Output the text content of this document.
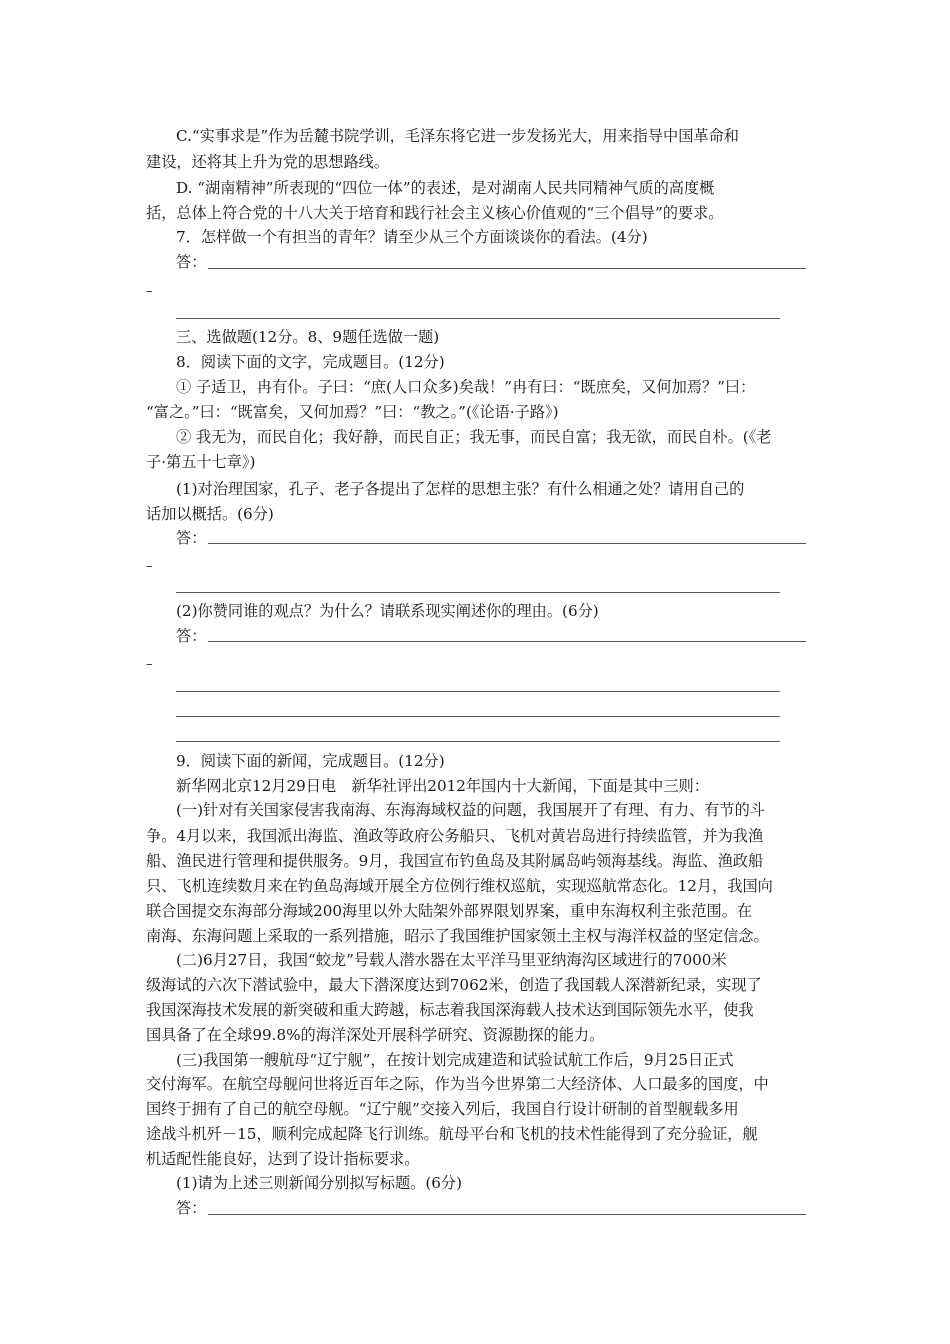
C.“实事求是”作为岳麓书院学训，毛泽东将它进一步发扬光大，用来指导中国革命和
建设，还将其上升为党的思想路线。
D. “湖南精神”所表现的“四位一体”的表述，是对湖南人民共同精神气质的高度概
括，总体上符合党的十八大关于培育和践行社会主义核心价值观的“三个倡导”的要求。
7．怎样做一个有担当的青年？请至少从三个方面谈谈你的看法。(4分)
答：
–
三、选做题(12分。8、9题任选做一题)
8．阅读下面的文字，完成题目。(12分)
① 子适卫，冉有仆。子曰：“庶(人口众多)矣哉！”冉有曰：“既庶矣，又何加焉？”曰：
“富之。”曰：“既富矣，又何加焉？”曰：“教之。”(《论语·子路》)
② 我无为，而民自化；我好静，而民自正；我无事，而民自富；我无欲，而民自朴。(《老
子·第五十七章》)
(1)对治理国家，孔子、老子各提出了怎样的思想主张？有什么相通之处？请用自己的
话加以概括。(6分)
答：
–
(2)你赞同谁的观点？为什么？请联系现实阐述你的理由。(6分)
答：
–
9．阅读下面的新闻，完成题目。(12分)
新华网北京12月29日电　新华社评出2012年国内十大新闻，下面是其中三则：
(一)针对有关国家侵害我南海、东海海域权益的问题，我国展开了有理、有力、有节的斗
争。4月以来，我国派出海监、渔政等政府公务船只、飞机对黄岩岛进行持续监管，并为我渔
船、渔民进行管理和提供服务。9月，我国宣布钓鱼岛及其附属岛屿领海基线。海监、渔政船
只、飞机连续数月来在钓鱼岛海域开展全方位例行维权巡航，实现巡航常态化。12月，我国向
联合国提交东海部分海域200海里以外大陆架外部界限划界案，重申东海权利主张范围。在
南海、东海问题上采取的一系列措施，昭示了我国维护国家领土主权与海洋权益的坚定信念。
(二)6月27日，我国“蛟龙”号载人潜水器在太平洋马里亚纳海沟区域进行的7000米
级海试的六次下潜试验中，最大下潜深度达到7062米，创造了我国载人深潜新纪录，实现了
我国深海技术发展的新突破和重大跨越，标志着我国深海载人技术达到国际领先水平，使我
国具备了在全球99.8%的海洋深处开展科学研究、资源勘探的能力。
(三)我国第一艘航母“辽宁舰”，在按计划完成建造和试验试航工作后，9月25日正式
交付海军。在航空母舰问世将近百年之际，作为当今世界第二大经济体、人口最多的国度，中
国终于拥有了自己的航空母舰。“辽宁舰”交接入列后，我国自行设计研制的首型舰载多用
途战斗机歼－15，顺利完成起降飞行训练。航母平台和飞机的技术性能得到了充分验证，舰
机适配性能良好，达到了设计指标要求。
(1)请为上述三则新闻分别拟写标题。(6分)
答：
